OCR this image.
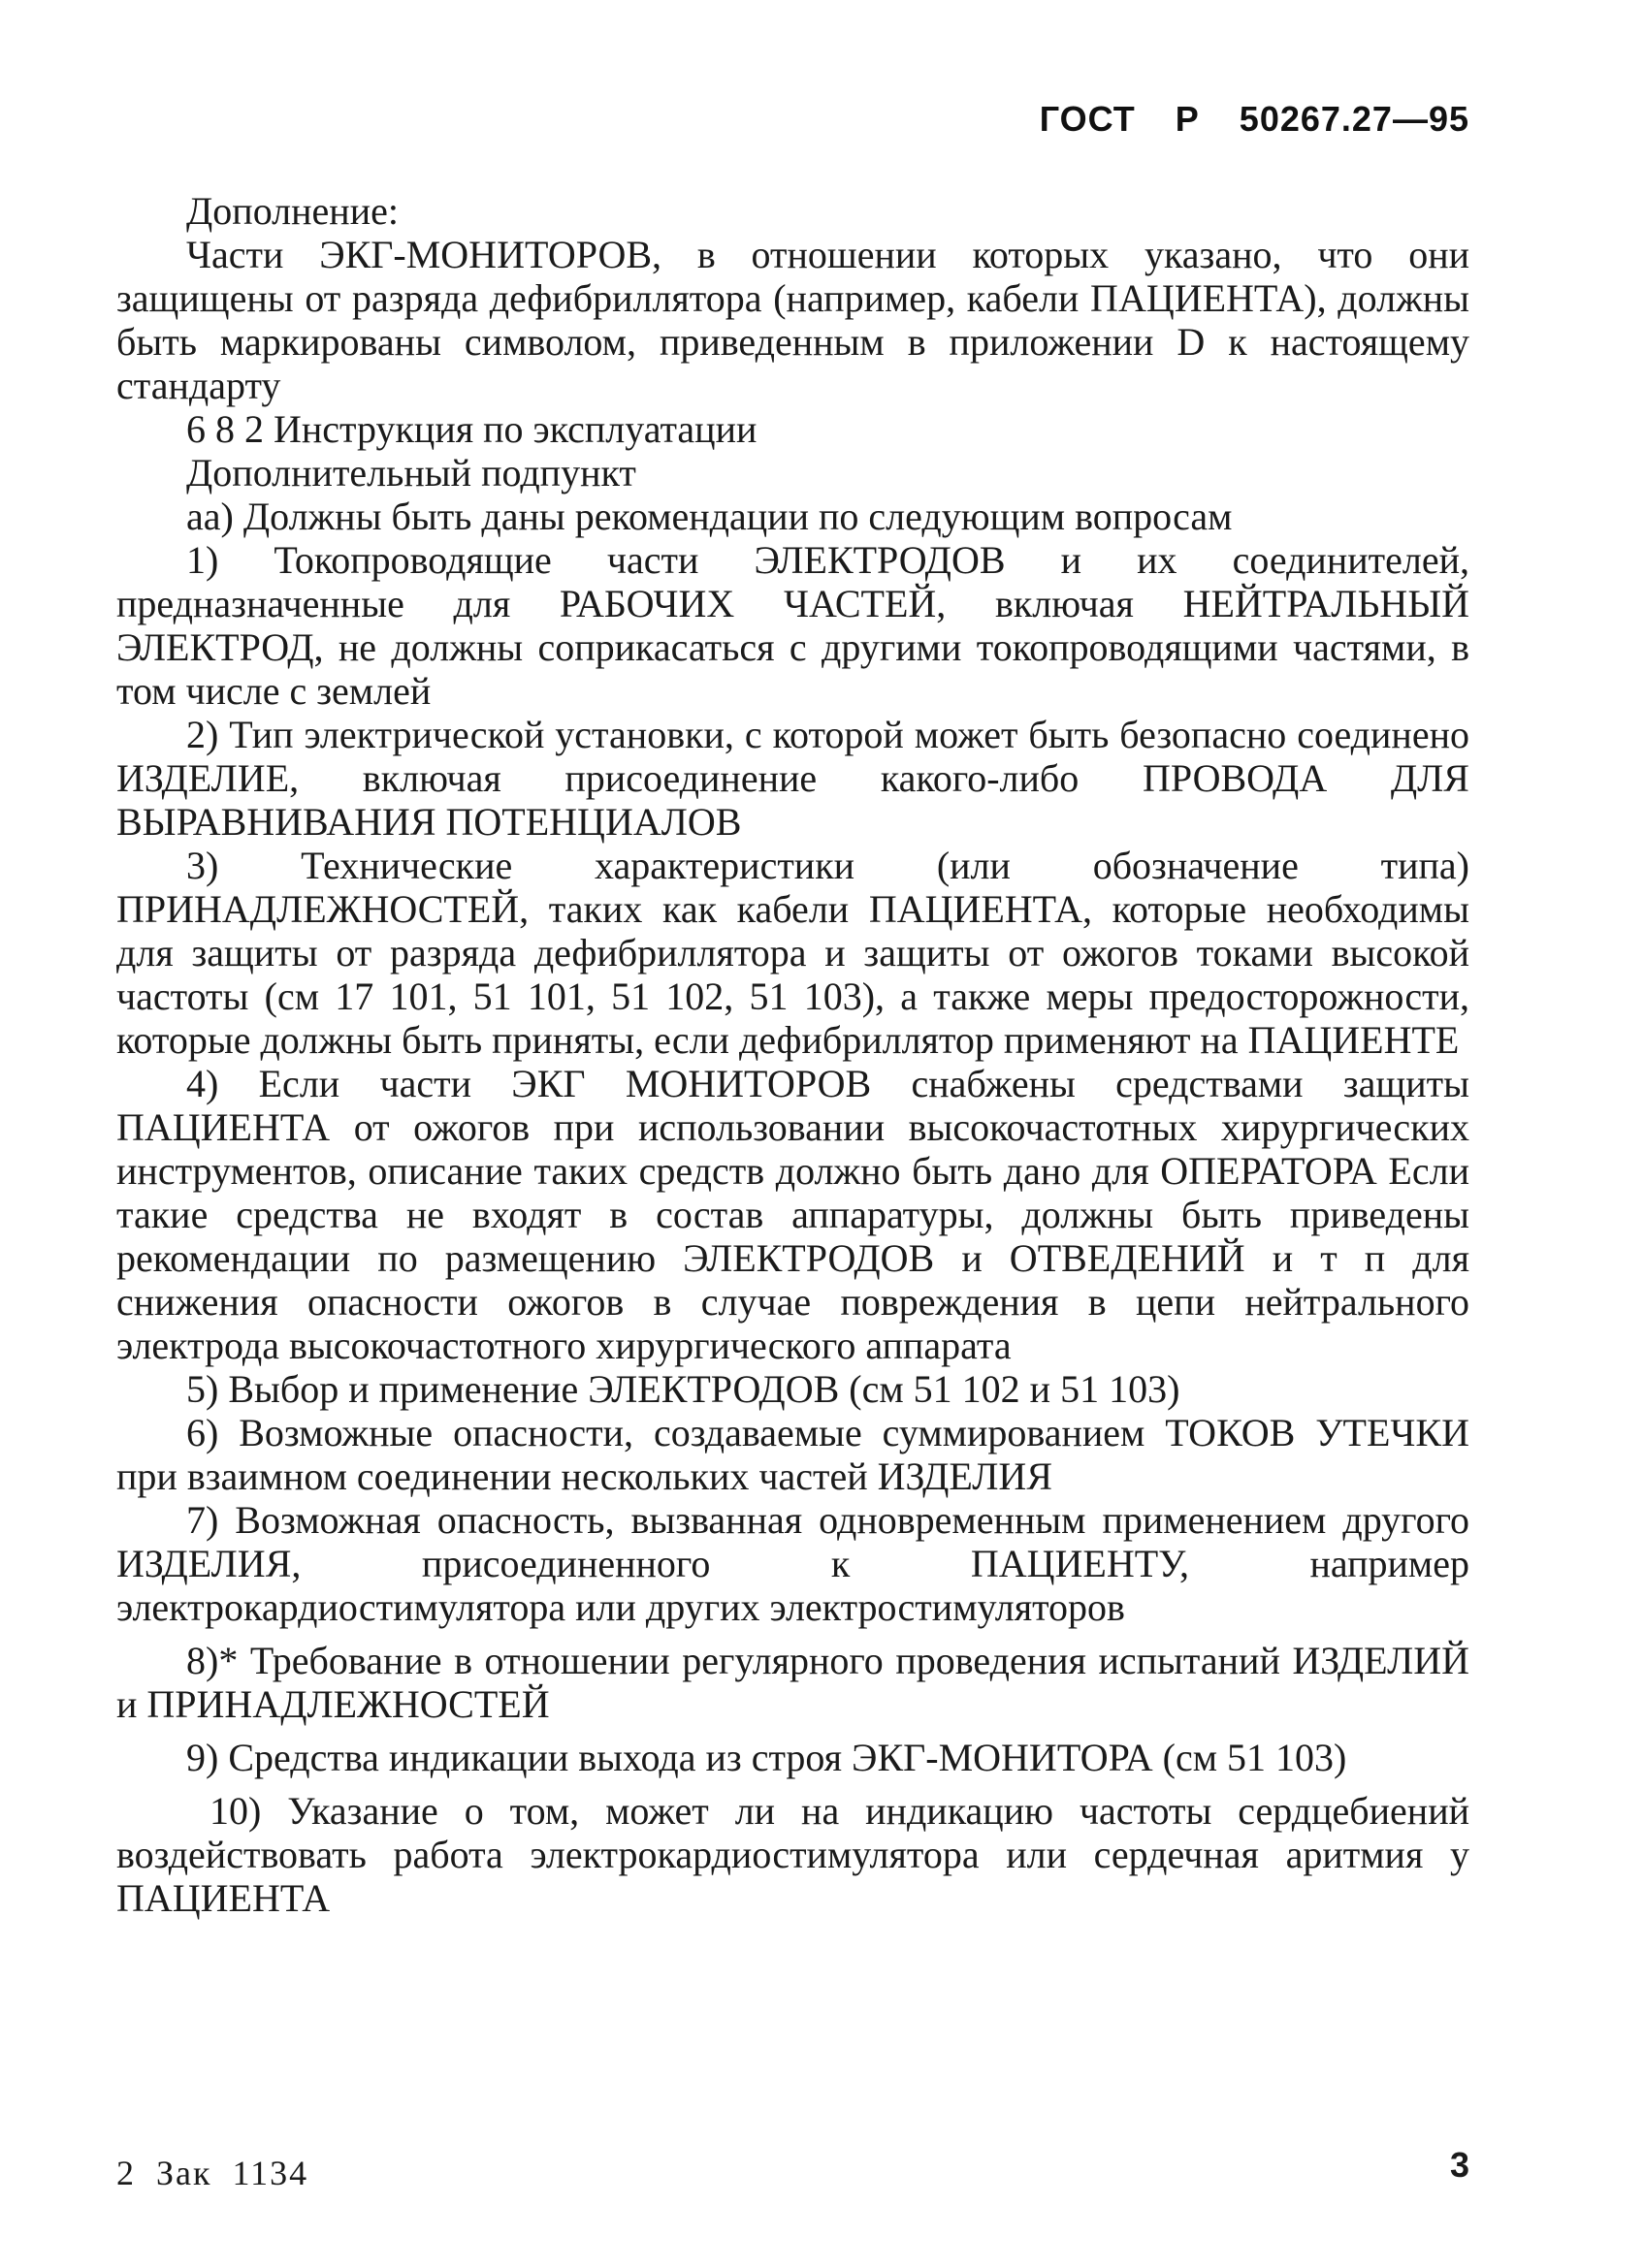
ГОСТ Р 50267.27—95

Дополнение:

Части ЭКГ-МОНИТОРОВ, в отношении которых указано, что они защищены от разряда дефибриллятора (например, кабели ПАЦИЕНТА), должны быть маркированы символом, приведенным в приложении D к настоящему стандарту

6 8 2 Инструкция по эксплуатации

Дополнительный подпункт

aa) Должны быть даны рекомендации по следующим вопросам

1) Токопроводящие части ЭЛЕКТРОДОВ и их соединителей, предназначенные для РАБОЧИХ ЧАСТЕЙ, включая НЕЙТРАЛЬНЫЙ ЭЛЕКТРОД, не должны соприкасаться с другими токопроводящими частями, в том числе с землей

2) Тип электрической установки, с которой может быть безопасно соединено ИЗДЕЛИЕ, включая присоединение какого-либо ПРОВОДА ДЛЯ ВЫРАВНИВАНИЯ ПОТЕНЦИАЛОВ

3) Технические характеристики (или обозначение типа) ПРИНАДЛЕЖНОСТЕЙ, таких как кабели ПАЦИЕНТА, которые необходимы для защиты от разряда дефибриллятора и защиты от ожогов токами высокой частоты (см 17 101, 51 101, 51 102, 51 103), а также меры предосторожности, которые должны быть приняты, если дефибриллятор применяют на ПАЦИЕНТЕ

4) Если части ЭКГ МОНИТОРОВ снабжены средствами защиты ПАЦИЕНТА от ожогов при использовании высокочастотных хирургических инструментов, описание таких средств должно быть дано для ОПЕРАТОРА Если такие средства не входят в состав аппаратуры, должны быть приведены рекомендации по размещению ЭЛЕКТРОДОВ и ОТВЕДЕНИЙ и т п для снижения опасности ожогов в случае повреждения в цепи нейтрального электрода высокочастотного хирургического аппарата

5) Выбор и применение ЭЛЕКТРОДОВ (см 51 102 и 51 103)

6) Возможные опасности, создаваемые суммированием ТОКОВ УТЕЧКИ при взаимном соединении нескольких частей ИЗДЕЛИЯ

7) Возможная опасность, вызванная одновременным применением другого ИЗДЕЛИЯ, присоединенного к ПАЦИЕНТУ, например электрокардиостимулятора или других электростимуляторов

8)* Требование в отношении регулярного проведения испытаний ИЗДЕЛИЙ и ПРИНАДЛЕЖНОСТЕЙ

9) Средства индикации выхода из строя ЭКГ-МОНИТОРА (см 51 103)

10) Указание о том, может ли на индикацию частоты сердцебиений воздействовать работа электрокардиостимулятора или сердечная аритмия у ПАЦИЕНТА

2 Зак 1134	3
